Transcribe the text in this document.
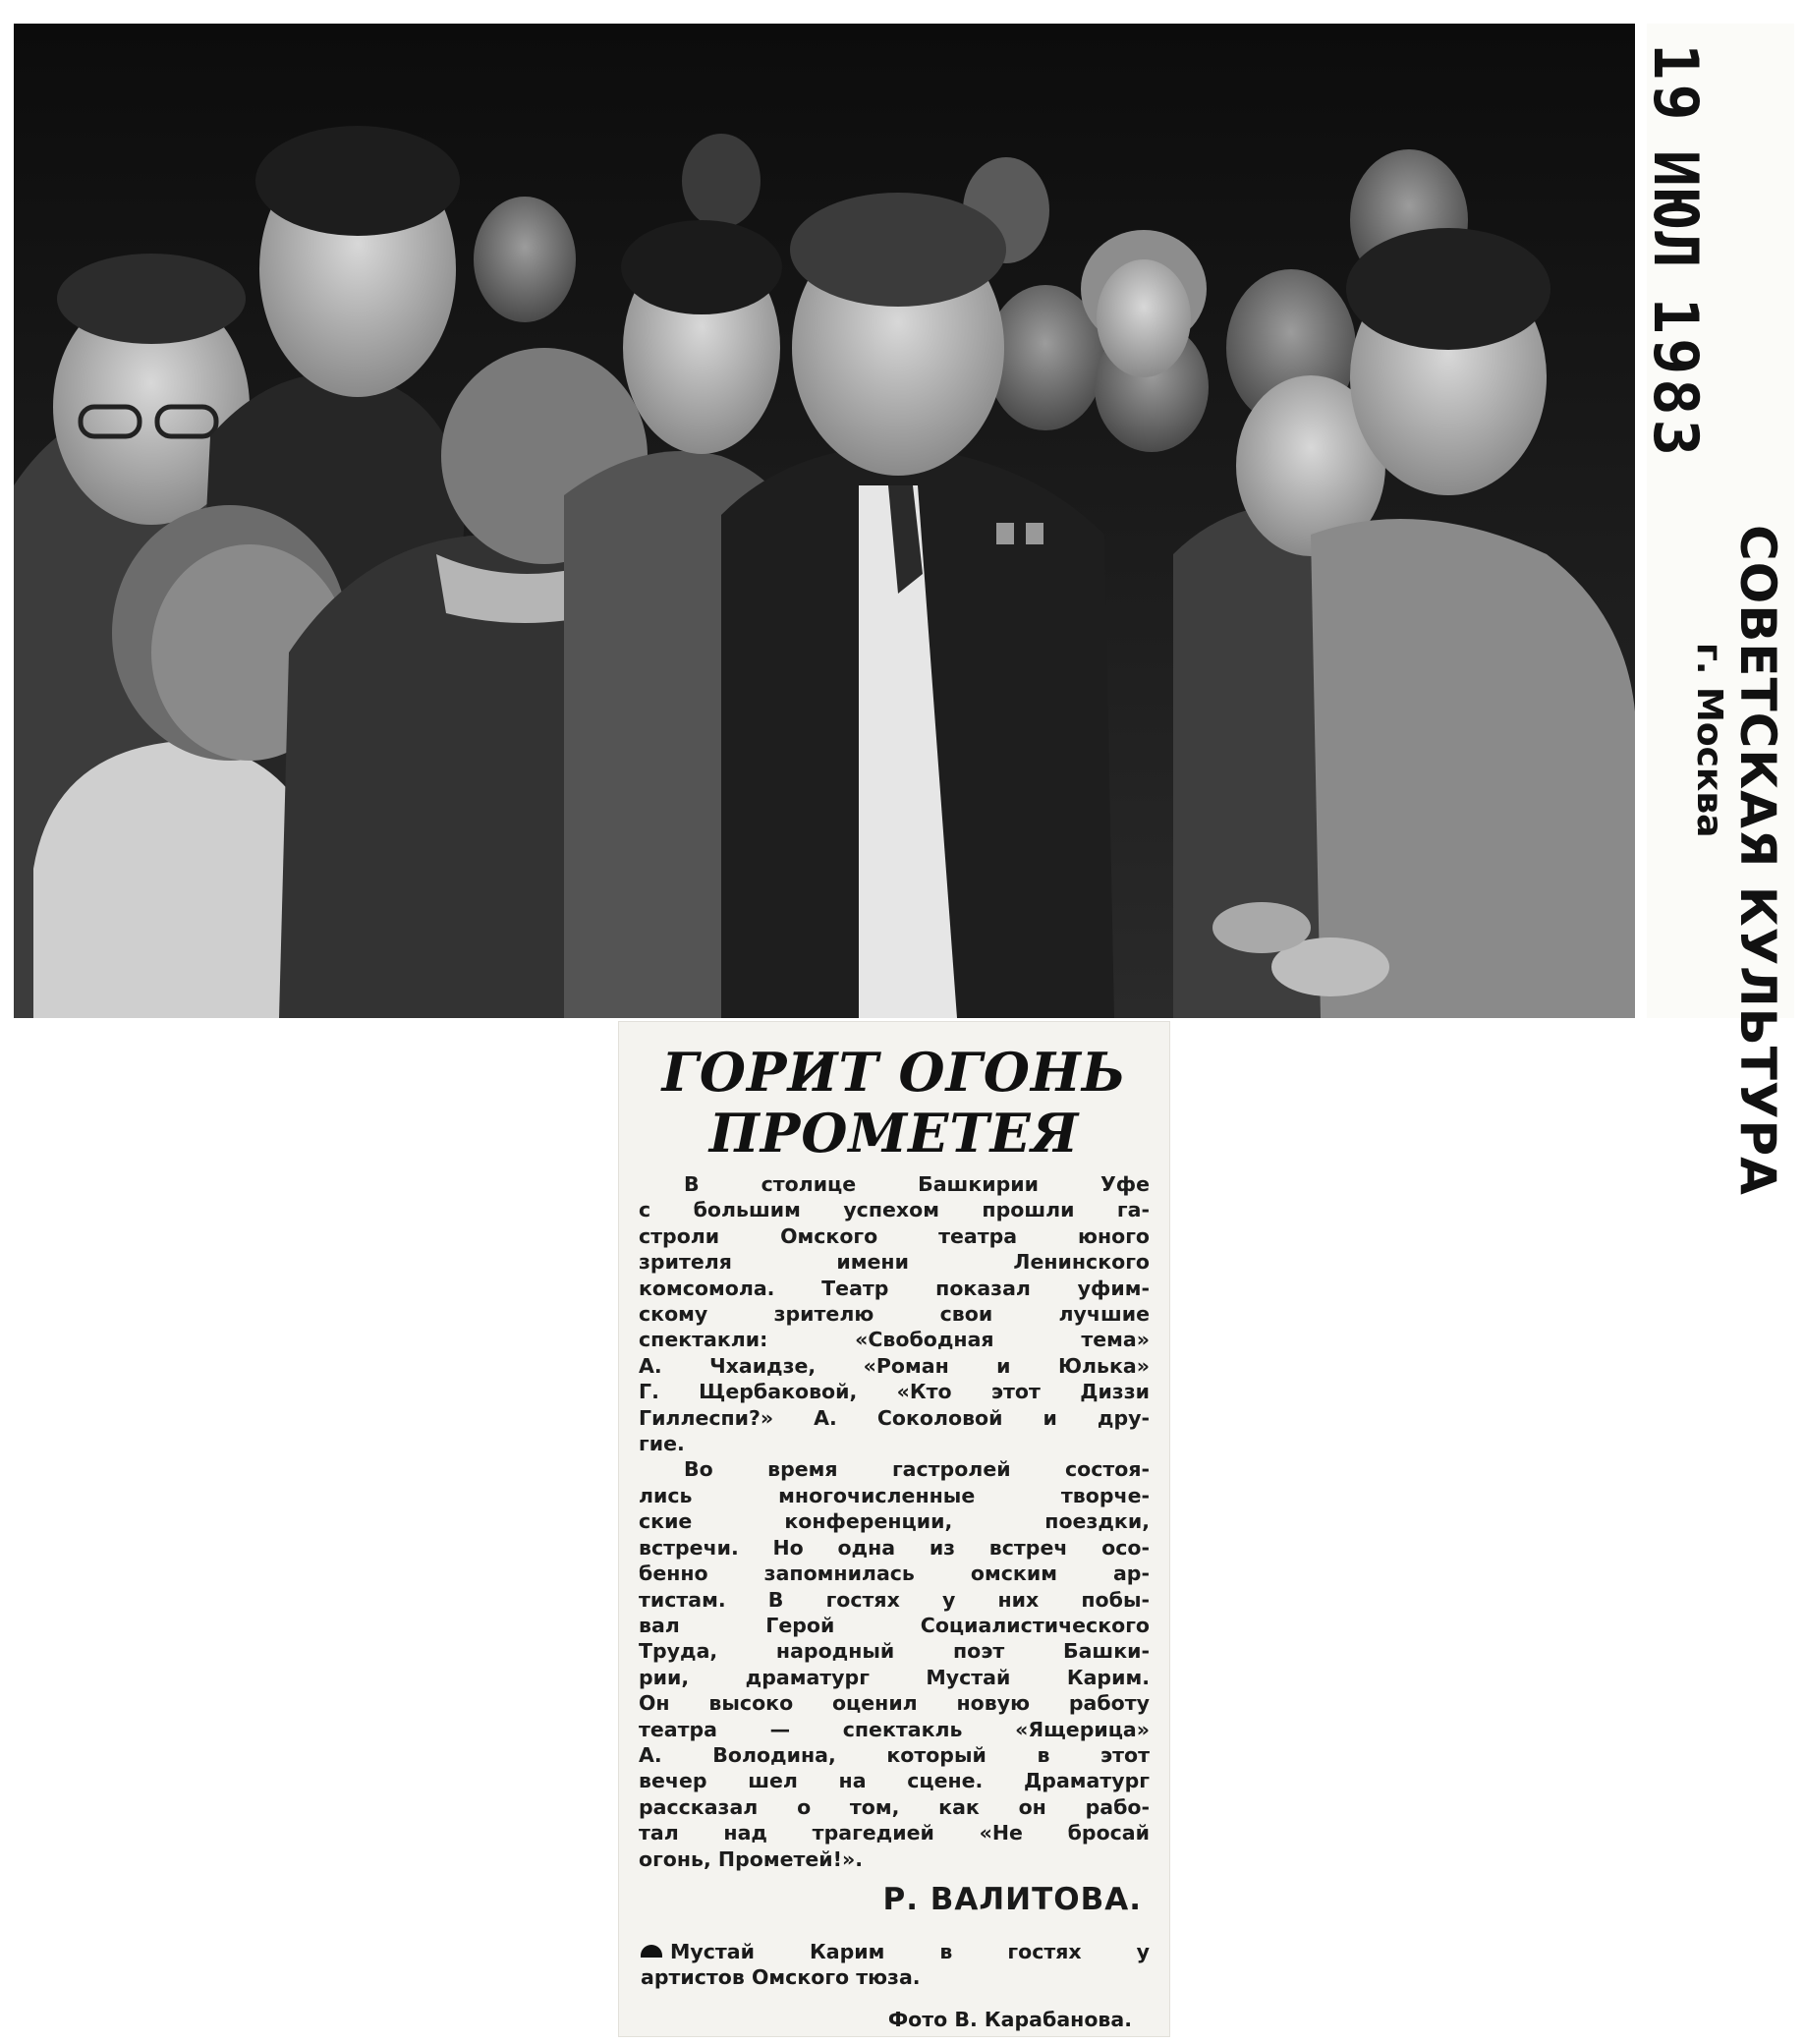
19ИЮЛ1983
СОВЕТСКАЯ КУЛЬТУРА
г. Москва
ГОРИТ ОГОНЬ
ПРОМЕТЕЯ
В столице Башкирии Уфе
с большим успехом прошли га-
строли Омского театра юного
зрителя имени Ленинского
комсомола. Театр показал уфим-
скому зрителю свои лучшие
спектакли: «Свободная тема»
А. Чхаидзе, «Роман и Юлька»
Г. Щербаковой, «Кто этот Диззи
Гиллеспи?» А. Соколовой и дру-
гие.
Во время гастролей состоя-
лись многочисленные творче-
ские конференции, поездки,
встречи. Но одна из встреч осо-
бенно запомнилась омским ар-
тистам. В гостях у них побы-
вал Герой Социалистического
Труда, народный поэт Башки-
рии, драматург Мустай Карим.
Он высоко оценил новую работу
театра — спектакль «Ящерица»
А. Володина, который в этот
вечер шел на сцене. Драматург
рассказал о том, как он рабо-
тал над трагедией «Не бросай
огонь, Прометей!».
Р. ВАЛИТОВА.
Мустай Карим в гостях у
артистов Омского тюза.
Фото В. Карабанова.
